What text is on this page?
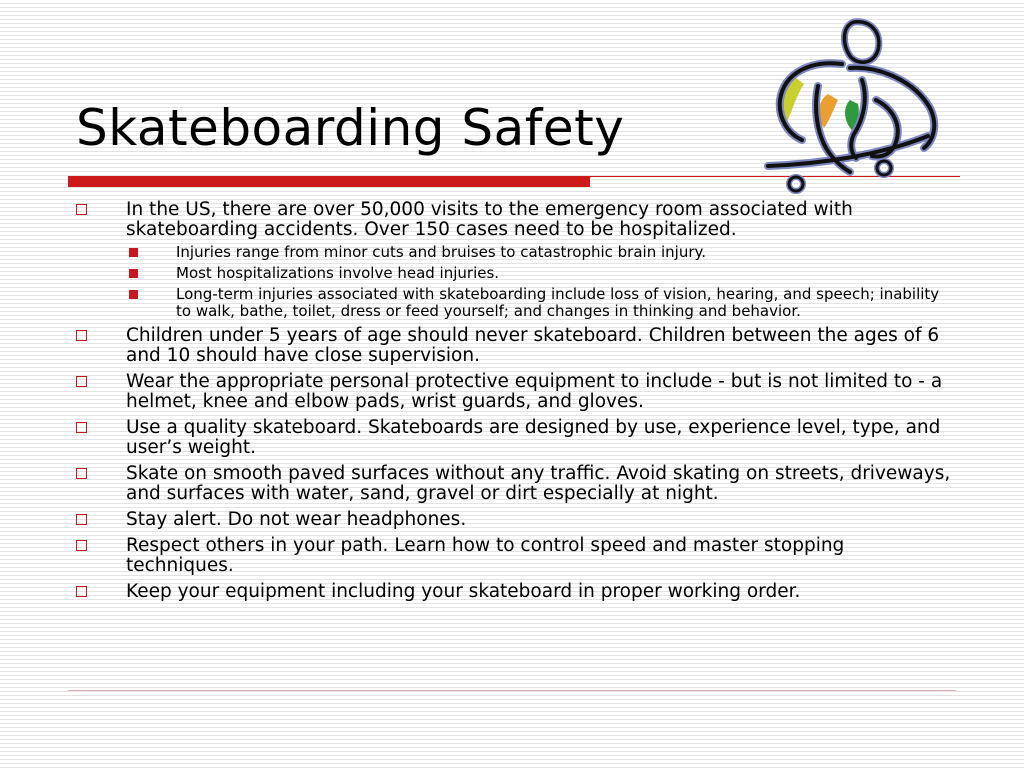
Skateboarding Safety
In the US, there are over 50,000 visits to the emergency room associated with skateboarding accidents. Over 150 cases need to be hospitalized.
Injuries range from minor cuts and bruises to catastrophic brain injury.
Most hospitalizations involve head injuries.
Long-term injuries associated with skateboarding include loss of vision, hearing, and speech; inability to walk, bathe, toilet, dress or feed yourself; and changes in thinking and behavior.
Children under 5 years of age should never skateboard. Children between the ages of 6 and 10 should have close supervision.
Wear the appropriate personal protective equipment to include - but is not limited to - a helmet, knee and elbow pads, wrist guards, and gloves.
Use a quality skateboard. Skateboards are designed by use, experience level, type, and user’s weight.
Skate on smooth paved surfaces without any traffic. Avoid skating on streets, driveways, and surfaces with water, sand, gravel or dirt especially at night.
Stay alert. Do not wear headphones.
Respect others in your path. Learn how to control speed and master stopping techniques.
Keep your equipment including your skateboard in proper working order.
